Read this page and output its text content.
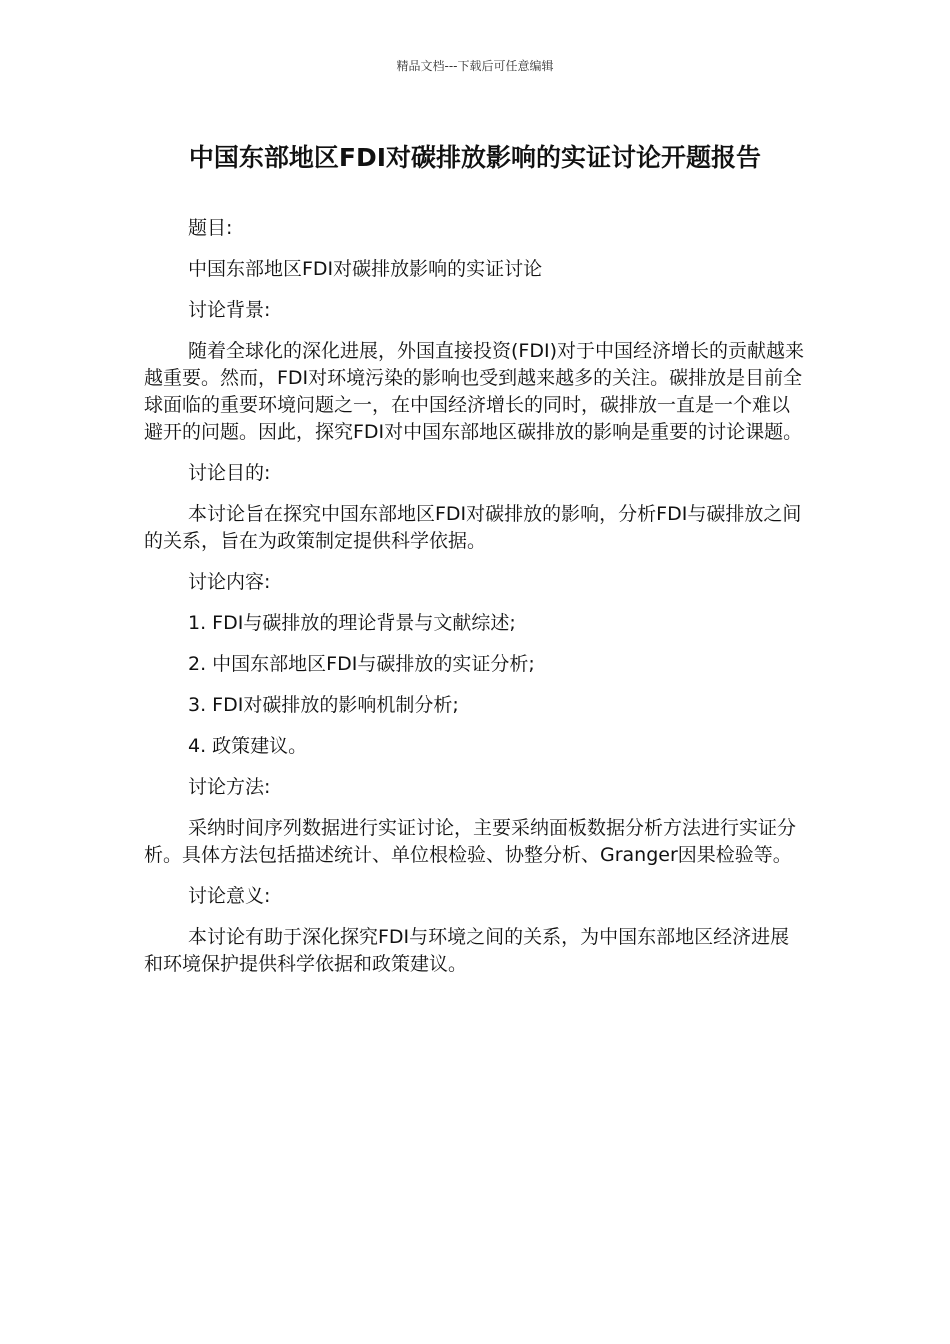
精品文档---下载后可任意编辑
中国东部地区FDI对碳排放影响的实证讨论开题报告

题目:

中国东部地区FDI对碳排放影响的实证讨论

讨论背景:

随着全球化的深化进展，外国直接投资(FDI)对于中国经济增长的贡献越来越重要。然而，FDI对环境污染的影响也受到越来越多的关注。碳排放是目前全球面临的重要环境问题之一，在中国经济增长的同时，碳排放一直是一个难以避开的问题。因此，探究FDI对中国东部地区碳排放的影响是重要的讨论课题。

讨论目的:

本讨论旨在探究中国东部地区FDI对碳排放的影响，分析FDI与碳排放之间的关系，旨在为政策制定提供科学依据。

讨论内容:

1. FDI与碳排放的理论背景与文献综述;

2. 中国东部地区FDI与碳排放的实证分析;

3. FDI对碳排放的影响机制分析;

4. 政策建议。

讨论方法:

采纳时间序列数据进行实证讨论，主要采纳面板数据分析方法进行实证分析。具体方法包括描述统计、单位根检验、协整分析、Granger因果检验等。

讨论意义:

本讨论有助于深化探究FDI与环境之间的关系，为中国东部地区经济进展和环境保护提供科学依据和政策建议。
